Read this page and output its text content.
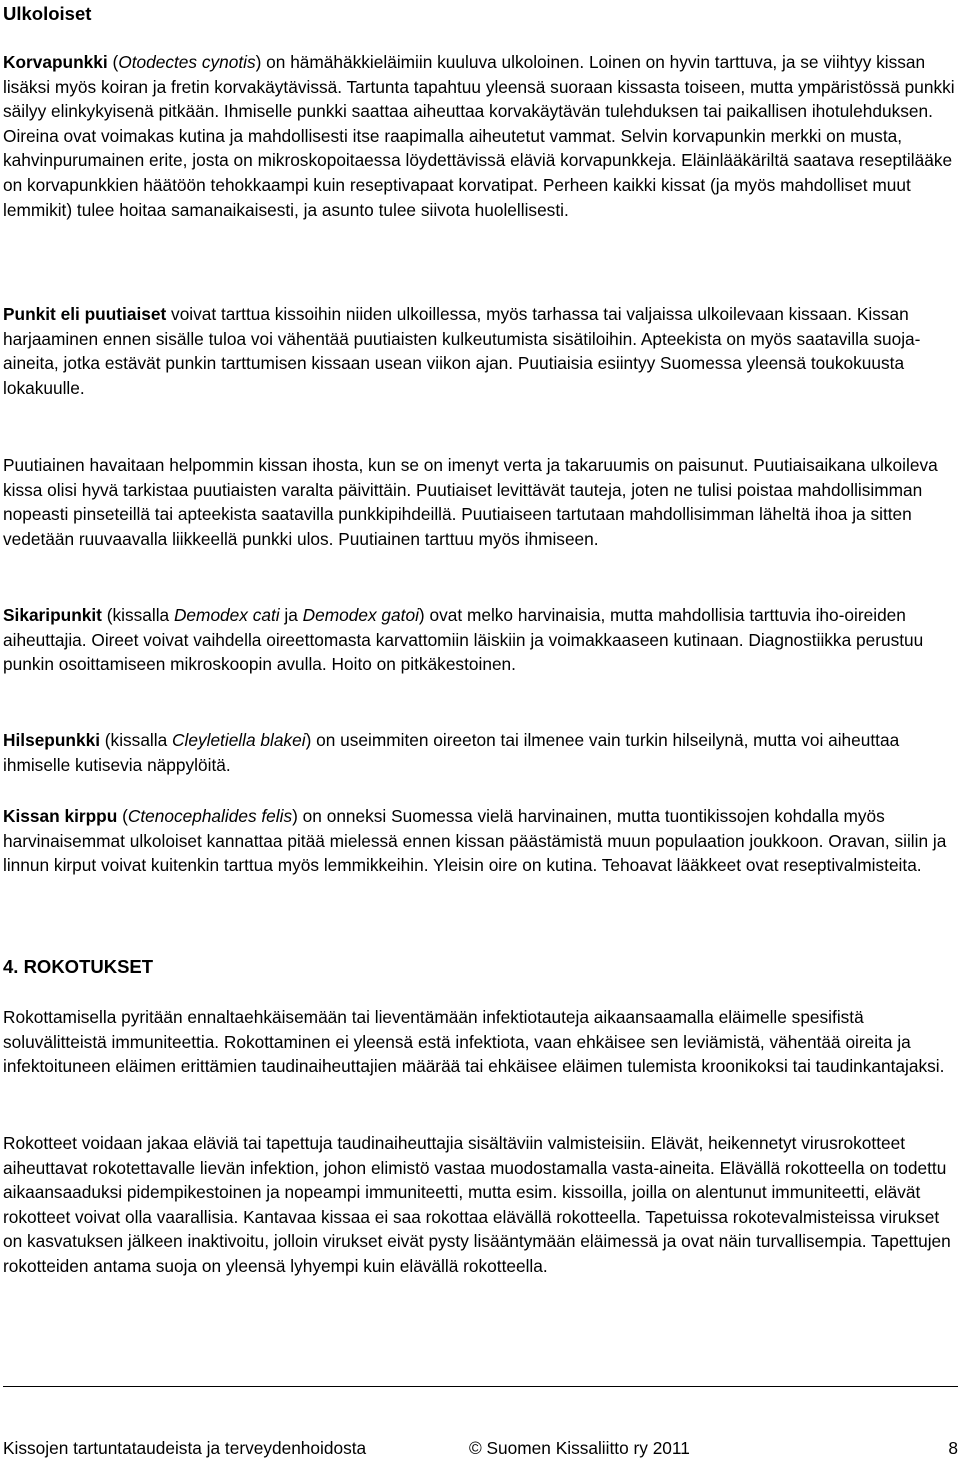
Ulkoloiset

Korvapunkki (Otodectes cynotis) on hämähäkkieläimiin kuuluva ulkoloinen. Loinen on hyvin tarttuva, ja se viihtyy kissan lisäksi myös koiran ja fretin korvakäytävissä. Tartunta tapahtuu yleensä suoraan kissasta toiseen, mutta ympäristössä punkki säilyy elinkykyisenä pitkään. Ihmiselle punkki saattaa aiheuttaa korvakäytävän tulehduksen tai paikallisen ihotulehduksen. Oireina ovat voimakas kutina ja mahdollisesti itse raapimalla aiheutetut vammat. Selvin korvapunkin merkki on musta, kahvinpurumainen erite, josta on mikroskopoitaessa löydettävissä eläviä korvapunkkeja. Eläinlääkäriltä saatava reseptilääke on korvapunkkien häätöön tehokkaampi kuin reseptivapaat korvatipat. Perheen kaikki kissat (ja myös mahdolliset muut lemmikit) tulee hoitaa samanaikaisesti, ja asunto tulee siivota huolellisesti.

Punkit eli puutiaiset voivat tarttua kissoihin niiden ulkoillessa, myös tarhassa tai valjaissa ulkoilevaan kissaan. Kissan harjaaminen ennen sisälle tuloa voi vähentää puutiaisten kulkeutumista sisätiloihin. Apteekista on myös saatavilla suoja-aineita, jotka estävät punkin tarttumisen kissaan usean viikon ajan. Puutiaisia esiintyy Suomessa yleensä toukokuusta lokakuulle.

Puutiainen havaitaan helpommin kissan ihosta, kun se on imenyt verta ja takaruumis on paisunut. Puutiaisaikana ulkoileva kissa olisi hyvä tarkistaa puutiaisten varalta päivittäin. Puutiaiset levittävät tauteja, joten ne tulisi poistaa mahdollisimman nopeasti pinseteillä tai apteekista saatavilla punkkipihdeillä. Puutiaiseen tartutaan mahdollisimman läheltä ihoa ja sitten vedetään ruuvaavalla liikkeellä punkki ulos. Puutiainen tarttuu myös ihmiseen.

Sikaripunkit (kissalla Demodex cati ja Demodex gatoi) ovat melko harvinaisia, mutta mahdollisia tarttuvia iho-oireiden aiheuttajia. Oireet voivat vaihdella oireettomasta karvattomiin läiskiin ja voimakkaaseen kutinaan. Diagnostiikka perustuu punkin osoittamiseen mikroskoopin avulla. Hoito on pitkäkestoinen.

Hilsepunkki (kissalla Cleyletiella blakei) on useimmiten oireeton tai ilmenee vain turkin hilseilynä, mutta voi aiheuttaa ihmiselle kutisevia näppylöitä.

Kissan kirppu (Ctenocephalides felis) on onneksi Suomessa vielä harvinainen, mutta tuontikissojen kohdalla myös harvinaisemmat ulkoloiset kannattaa pitää mielessä ennen kissan päästämistä muun populaation joukkoon. Oravan, siilin ja linnun kirput voivat kuitenkin tarttua myös lemmikkeihin. Yleisin oire on kutina. Tehoavat lääkkeet ovat reseptivalmisteita.

4. ROKOTUKSET

Rokottamisella pyritään ennaltaehkäisemään tai lieventämään infektiotauteja aikaansaamalla eläimelle spesifistä soluvälitteistä immuniteettia. Rokottaminen ei yleensä estä infektiota, vaan ehkäisee sen leviämistä, vähentää oireita ja infektoituneen eläimen erittämien taudinaiheuttajien määrää tai ehkäisee eläimen tulemista kroonikoksi tai taudinkantajaksi.

Rokotteet voidaan jakaa eläviä tai tapettuja taudinaiheuttajia sisältäviin valmisteisiin. Elävät, heikennetyt virusrokotteet aiheuttavat rokotettavalle lievän infektion, johon elimistö vastaa muodostamalla vasta-aineita. Elävällä rokotteella on todettu aikaansaaduksi pidempikestoinen ja nopeampi immuniteetti, mutta esim. kissoilla, joilla on alentunut immuniteetti, elävät rokotteet voivat olla vaarallisia. Kantavaa kissaa ei saa rokottaa elävällä rokotteella. Tapetuissa rokotevalmisteissa virukset on kasvatuksen jälkeen inaktivoitu, jolloin virukset eivät pysty lisääntymään eläimessä ja ovat näin turvallisempia. Tapettujen rokotteiden antama suoja on yleensä lyhyempi kuin elävällä rokotteella.

Kissojen tartuntataudeista ja terveydenhoidosta	© Suomen Kissaliitto ry 2011	8
